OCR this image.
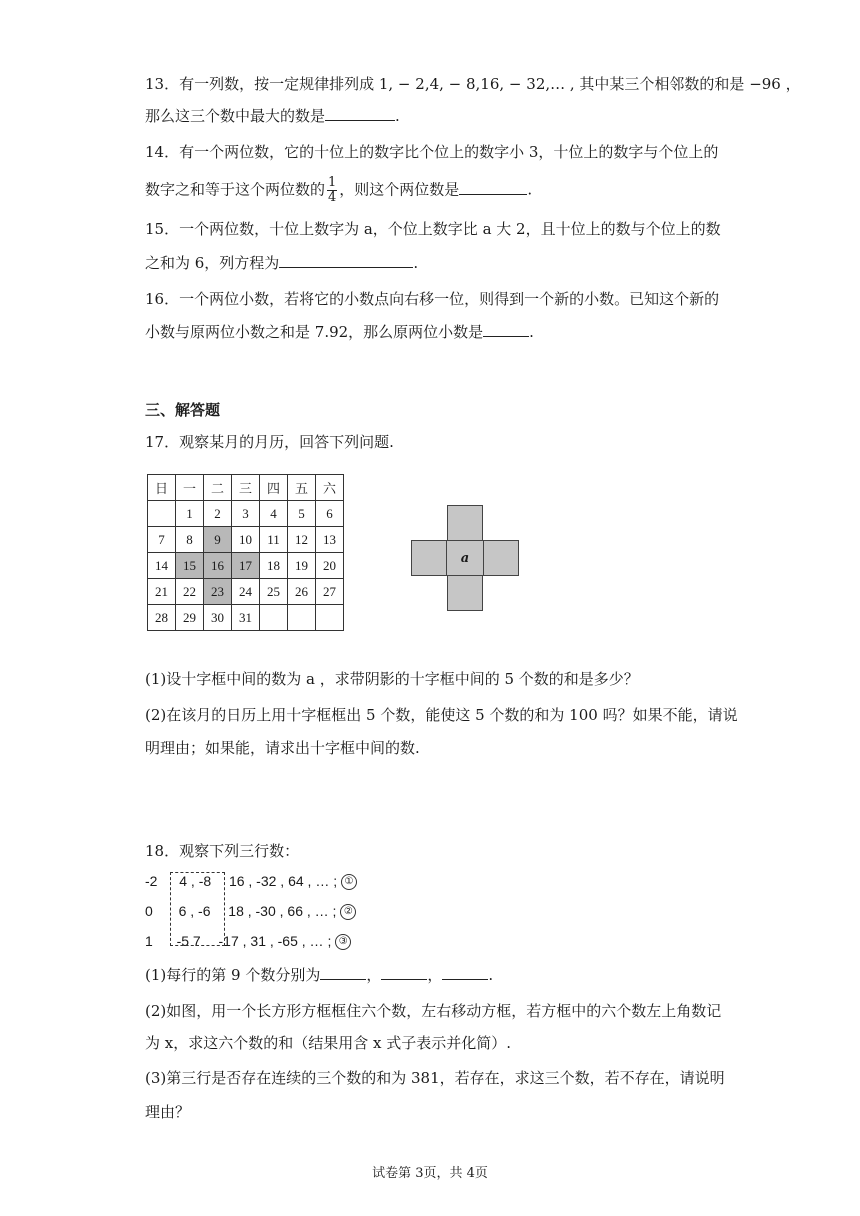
13．有一列数，按一定规律排列成 1, − 2,4, − 8,16, − 32,… , 其中某三个相邻数的和是 −96 ，
那么这三个数中最大的数是	.
14．有一个两位数，它的十位上的数字比个位上的数字小 3，十位上的数字与个位上的
数字之和等于这个两位数的 $\frac{1}{4}$ ，则这个两位数是	.
15．一个两位数，十位上数字为 a，个位上数字比 a 大 2，且十位上的数与个位上的数
之和为 6，列方程为	.
16．一个两位小数，若将它的小数点向右移一位，则得到一个新的小数。已知这个新的
小数与原两位小数之和是 7.92，那么原两位小数是	.
三、解答题
17．观察某月的月历，回答下列问题.
日	一	二	三	四	五	六
	1	2	3	4	5	6
7	8	9	10	11	12	13
14	15	16	17	18	19	20
21	22	23	24	25	26	27
28	29	30	31			
a
(1)设十字框中间的数为 a ，求带阴影的十字框中间的 5 个数的和是多少？
(2)在该月的日历上用十字框框出 5 个数，能使这 5 个数的和为 100 吗？如果不能，请说
明理由；如果能，请求出十字框中间的数.
18．观察下列三行数：
-2 4 , -8 16 , -32 , 64 , … ; ①
0 6 , -6 18 , -30 , 66 , … ; ②
1 -5 7 -17 , 31 , -65 , … ; ③
(1)每行的第 9 个数分别为	，	，	.
(2)如图，用一个长方形方框框住六个数，左右移动方框，若方框中的六个数左上角数记
为 x，求这六个数的和（结果用含 x 式子表示并化简）.
(3)第三行是否存在连续的三个数的和为 381，若存在，求这三个数，若不存在，请说明
理由？
试卷第 3页，共 4页
